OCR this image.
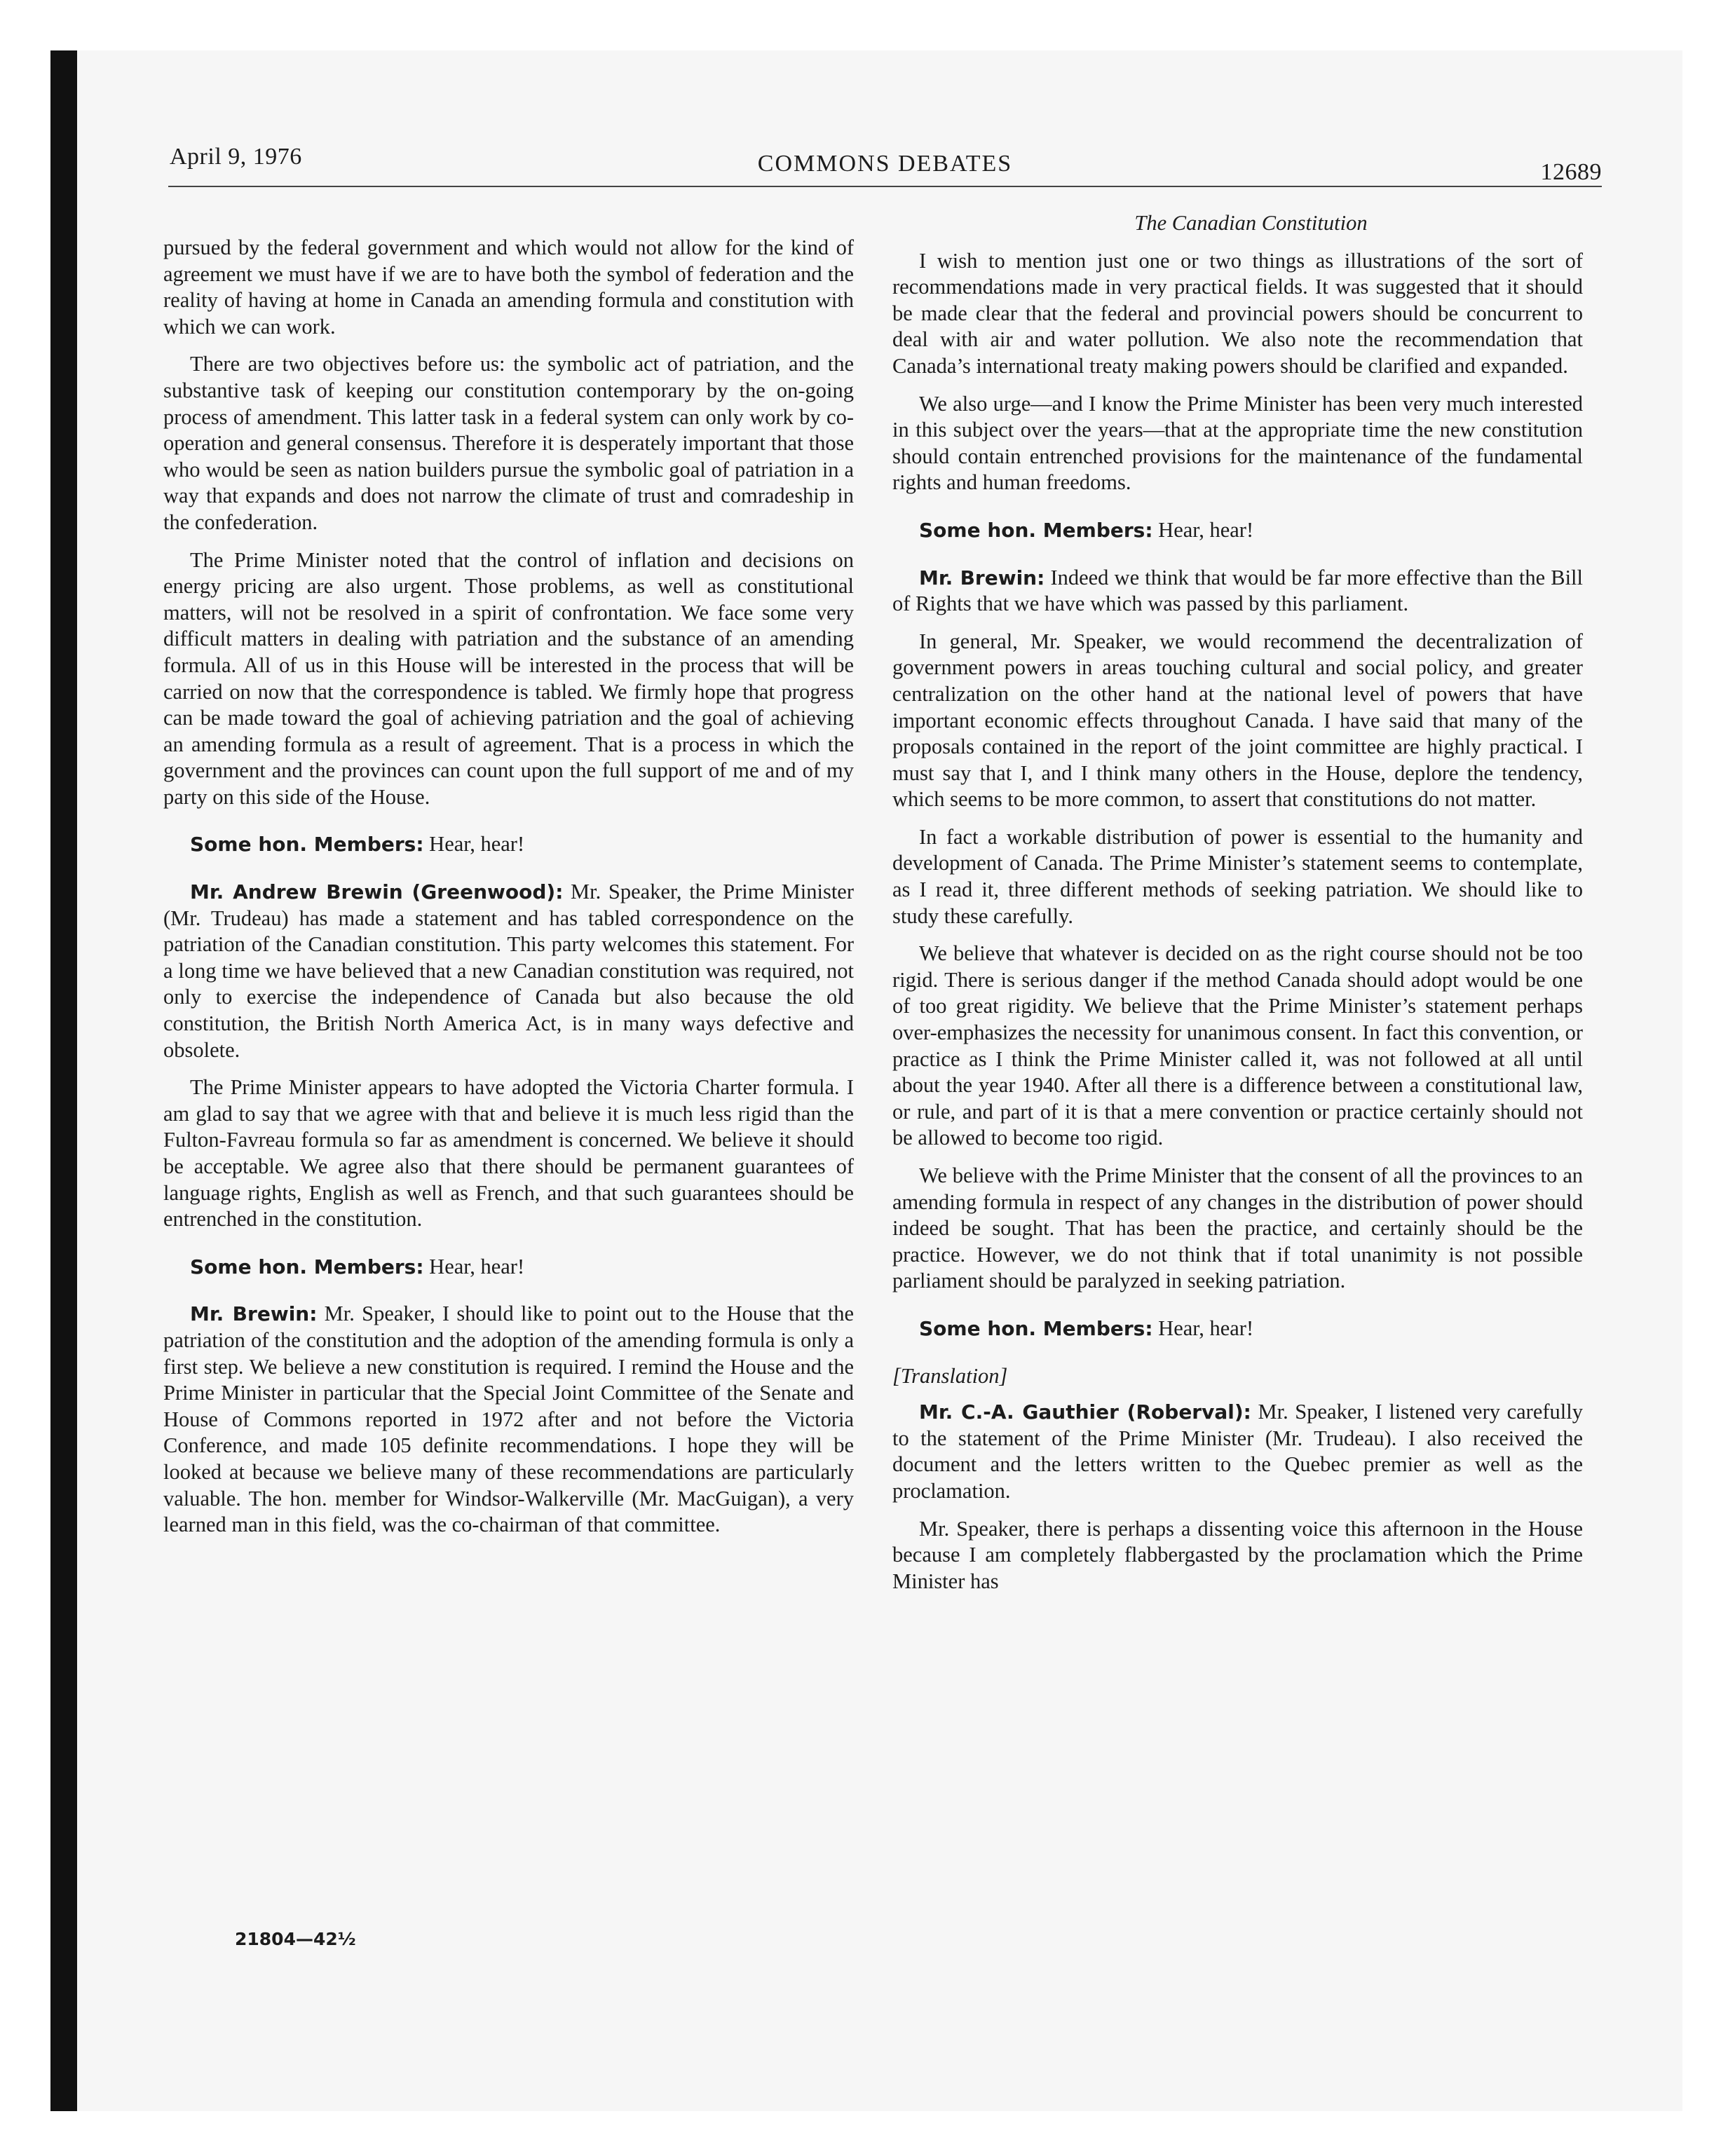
April 9, 1976	COMMONS DEBATES	12689

pursued by the federal government and which would not allow for the kind of agreement we must have if we are to have both the symbol of federation and the reality of having at home in Canada an amending formula and constitution with which we can work.

There are two objectives before us: the symbolic act of patriation, and the substantive task of keeping our constitution contemporary by the on-going process of amendment. This latter task in a federal system can only work by co-operation and general consensus. Therefore it is desperately important that those who would be seen as nation builders pursue the symbolic goal of patriation in a way that expands and does not narrow the climate of trust and comradeship in the confederation.

The Prime Minister noted that the control of inflation and decisions on energy pricing are also urgent. Those problems, as well as constitutional matters, will not be resolved in a spirit of confrontation. We face some very difficult matters in dealing with patriation and the substance of an amending formula. All of us in this House will be interested in the process that will be carried on now that the correspondence is tabled. We firmly hope that progress can be made toward the goal of achieving patriation and the goal of achieving an amending formula as a result of agreement. That is a process in which the government and the provinces can count upon the full support of me and of my party on this side of the House.

Some hon. Members: Hear, hear!

Mr. Andrew Brewin (Greenwood): Mr. Speaker, the Prime Minister (Mr. Trudeau) has made a statement and has tabled correspondence on the patriation of the Canadian constitution. This party welcomes this statement. For a long time we have believed that a new Canadian constitution was required, not only to exercise the independence of Canada but also because the old constitution, the British North America Act, is in many ways defective and obsolete.

The Prime Minister appears to have adopted the Victoria Charter formula. I am glad to say that we agree with that and believe it is much less rigid than the Fulton-Favreau formula so far as amendment is concerned. We believe it should be acceptable. We agree also that there should be permanent guarantees of language rights, English as well as French, and that such guarantees should be entrenched in the constitution.

Some hon. Members: Hear, hear!

Mr. Brewin: Mr. Speaker, I should like to point out to the House that the patriation of the constitution and the adoption of the amending formula is only a first step. We believe a new constitution is required. I remind the House and the Prime Minister in particular that the Special Joint Committee of the Senate and House of Commons reported in 1972 after and not before the Victoria Conference, and made 105 definite recommendations. I hope they will be looked at because we believe many of these recommendations are particularly valuable. The hon. member for Windsor-Walkerville (Mr. MacGuigan), a very learned man in this field, was the co-chairman of that committee.

The Canadian Constitution

I wish to mention just one or two things as illustrations of the sort of recommendations made in very practical fields. It was suggested that it should be made clear that the federal and provincial powers should be concurrent to deal with air and water pollution. We also note the recommendation that Canada’s international treaty making powers should be clarified and expanded.

We also urge—and I know the Prime Minister has been very much interested in this subject over the years—that at the appropriate time the new constitution should contain entrenched provisions for the maintenance of the fundamental rights and human freedoms.

Some hon. Members: Hear, hear!

Mr. Brewin: Indeed we think that would be far more effective than the Bill of Rights that we have which was passed by this parliament.

In general, Mr. Speaker, we would recommend the decentralization of government powers in areas touching cultural and social policy, and greater centralization on the other hand at the national level of powers that have important economic effects throughout Canada. I have said that many of the proposals contained in the report of the joint committee are highly practical. I must say that I, and I think many others in the House, deplore the tendency, which seems to be more common, to assert that constitutions do not matter.

In fact a workable distribution of power is essential to the humanity and development of Canada. The Prime Minister’s statement seems to contemplate, as I read it, three different methods of seeking patriation. We should like to study these carefully.

We believe that whatever is decided on as the right course should not be too rigid. There is serious danger if the method Canada should adopt would be one of too great rigidity. We believe that the Prime Minister’s statement perhaps over-emphasizes the necessity for unanimous consent. In fact this convention, or practice as I think the Prime Minister called it, was not followed at all until about the year 1940. After all there is a difference between a constitutional law, or rule, and part of it is that a mere convention or practice certainly should not be allowed to become too rigid.

We believe with the Prime Minister that the consent of all the provinces to an amending formula in respect of any changes in the distribution of power should indeed be sought. That has been the practice, and certainly should be the practice. However, we do not think that if total unanimity is not possible parliament should be paralyzed in seeking patriation.

Some hon. Members: Hear, hear!

[Translation]

Mr. C.-A. Gauthier (Roberval): Mr. Speaker, I listened very carefully to the statement of the Prime Minister (Mr. Trudeau). I also received the document and the letters written to the Quebec premier as well as the proclamation.

Mr. Speaker, there is perhaps a dissenting voice this afternoon in the House because I am completely flabbergasted by the proclamation which the Prime Minister has

21804—42½
